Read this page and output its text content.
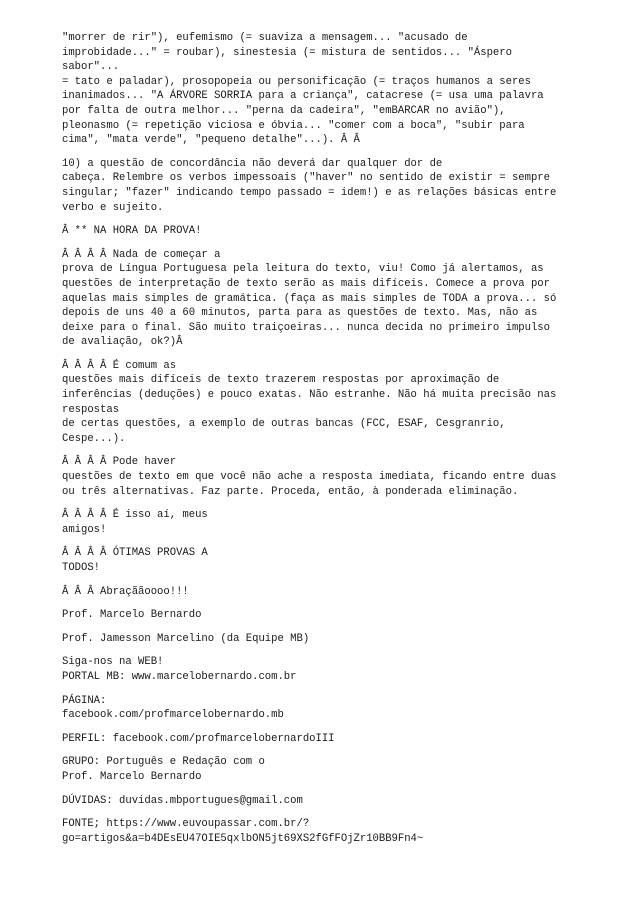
"morrer de rir"), eufemismo (= suaviza a mensagem... "acusado de
improbidade..." = roubar), sinestesia (= mistura de sentidos... "Áspero
sabor"...
= tato e paladar), prosopopeia ou personificação (= traços humanos a seres
inanimados... "A ÁRVORE SORRIA para a criança", catacrese (= usa uma palavra
por falta de outra melhor... "perna da cadeira", "emBARCAR no avião"),
pleonasmo (= repetição viciosa e óbvia... "comer com a boca", "subir para
cima", "mata verde", "pequeno detalhe"...). Â Â
10) a questão de concordância não deverá dar qualquer dor de
cabeça. Relembre os verbos impessoais ("haver" no sentido de existir = sempre
singular; "fazer" indicando tempo passado = idem!) e as relações básicas entre
verbo e sujeito.
Â ** NA HORA DA PROVA!
Â Â Â Â Nada de começar a
prova de Língua Portuguesa pela leitura do texto, viu! Como já alertamos, as
questões de interpretação de texto serão as mais difíceis. Comece a prova por
aquelas mais simples de gramática. (faça as mais simples de TODA a prova... só
depois de uns 40 a 60 minutos, parta para as questões de texto. Mas, não as
deixe para o final. São muito traiçoeiras... nunca decida no primeiro impulso
de avaliação, ok?)Â
Â Â Â Â É comum as
questões mais difíceis de texto trazerem respostas por aproximação de
inferências (deduções) e pouco exatas. Não estranhe. Não há muita precisão nas
respostas
de certas questões, a exemplo de outras bancas (FCC, ESAF, Cesgranrio,
Cespe...).
Â Â Â Â Pode haver
questões de texto em que você não ache a resposta imediata, ficando entre duas
ou três alternativas. Faz parte. Proceda, então, à ponderada eliminação.
Â Â Â Â É isso aí, meus
amigos!
Â Â Â Â ÓTIMAS PROVAS A
TODOS!
Â Â Â Abraçããoooo!!!
Prof. Marcelo Bernardo
Prof. Jamesson Marcelino (da Equipe MB)
Siga-nos na WEB!
PORTAL MB: www.marcelobernardo.com.br
PÁGINA:
facebook.com/profmarcelobernardo.mb
PERFIL: facebook.com/profmarcelobernardoIII
GRUPO: Português e Redação com o
Prof. Marcelo Bernardo
DÚVIDAS: duvidas.mbportugues@gmail.com
FONTE; https://www.euvoupassar.com.br/?
go=artigos&a=b4DEsEU47OIE5qxlbON5jt69XS2fGfFOjZr10BB9Fn4~
